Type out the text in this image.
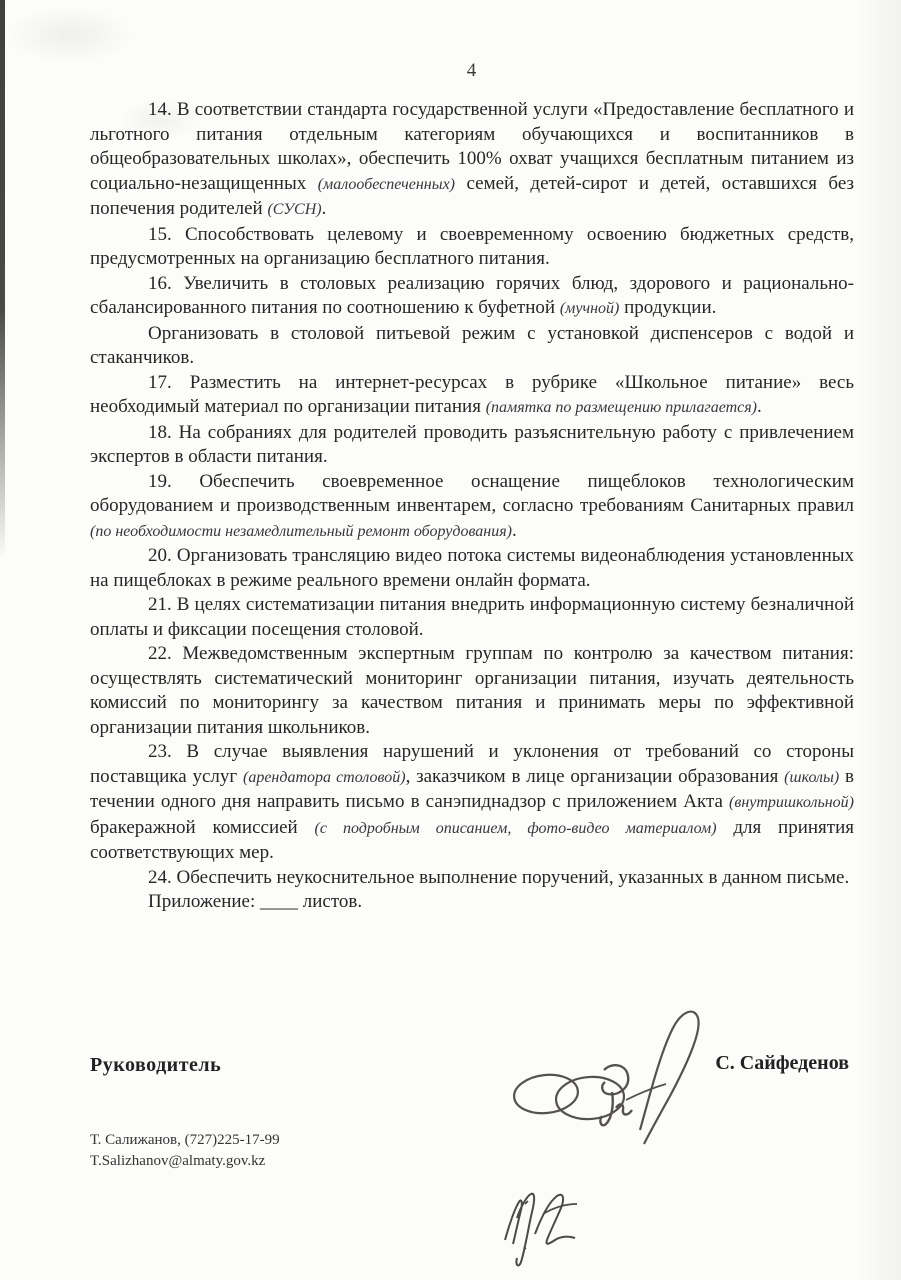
4

14. В соответствии стандарта государственной услуги «Предоставление бесплатного и льготного питания отдельным категориям обучающихся и воспитанников в общеобразовательных школах», обеспечить 100% охват учащихся бесплатным питанием из социально-незащищенных (малообеспеченных) семей, детей-сирот и детей, оставшихся без попечения родителей (СУСН).

15. Способствовать целевому и своевременному освоению бюджетных средств, предусмотренных на организацию бесплатного питания.

16. Увеличить в столовых реализацию горячих блюд, здорового и рационально-сбалансированного питания по соотношению к буфетной (мучной) продукции.

Организовать в столовой питьевой режим с установкой диспенсеров с водой и стаканчиков.

17. Разместить на интернет-ресурсах в рубрике «Школьное питание» весь необходимый материал по организации питания (памятка по размещению прилагается).

18. На собраниях для родителей проводить разъяснительную работу с привлечением экспертов в области питания.

19. Обеспечить своевременное оснащение пищеблоков технологическим оборудованием и производственным инвентарем, согласно требованиям Санитарных правил (по необходимости незамедлительный ремонт оборудования).

20. Организовать трансляцию видео потока системы видеонаблюдения установленных на пищеблоках в режиме реального времени онлайн формата.

21. В целях систематизации питания внедрить информационную систему безналичной оплаты и фиксации посещения столовой.

22. Межведомственным экспертным группам по контролю за качеством питания: осуществлять систематический мониторинг организации питания, изучать деятельность комиссий по мониторингу за качеством питания и принимать меры по эффективной организации питания школьников.

23. В случае выявления нарушений и уклонения от требований со стороны поставщика услуг (арендатора столовой), заказчиком в лице организации образования (школы) в течении одного дня направить письмо в санэпиднадзор с приложением Акта (внутришкольной) бракеражной комиссией (с подробным описанием, фото-видео материалом) для принятия соответствующих мер.

24. Обеспечить неукоснительное выполнение поручений, указанных в данном письме.

Приложение: ____ листов.

Руководитель	С. Сайфеденов
Т. Салижанов, (727)225-17-99
T.Salizhanov@almaty.gov.kz
